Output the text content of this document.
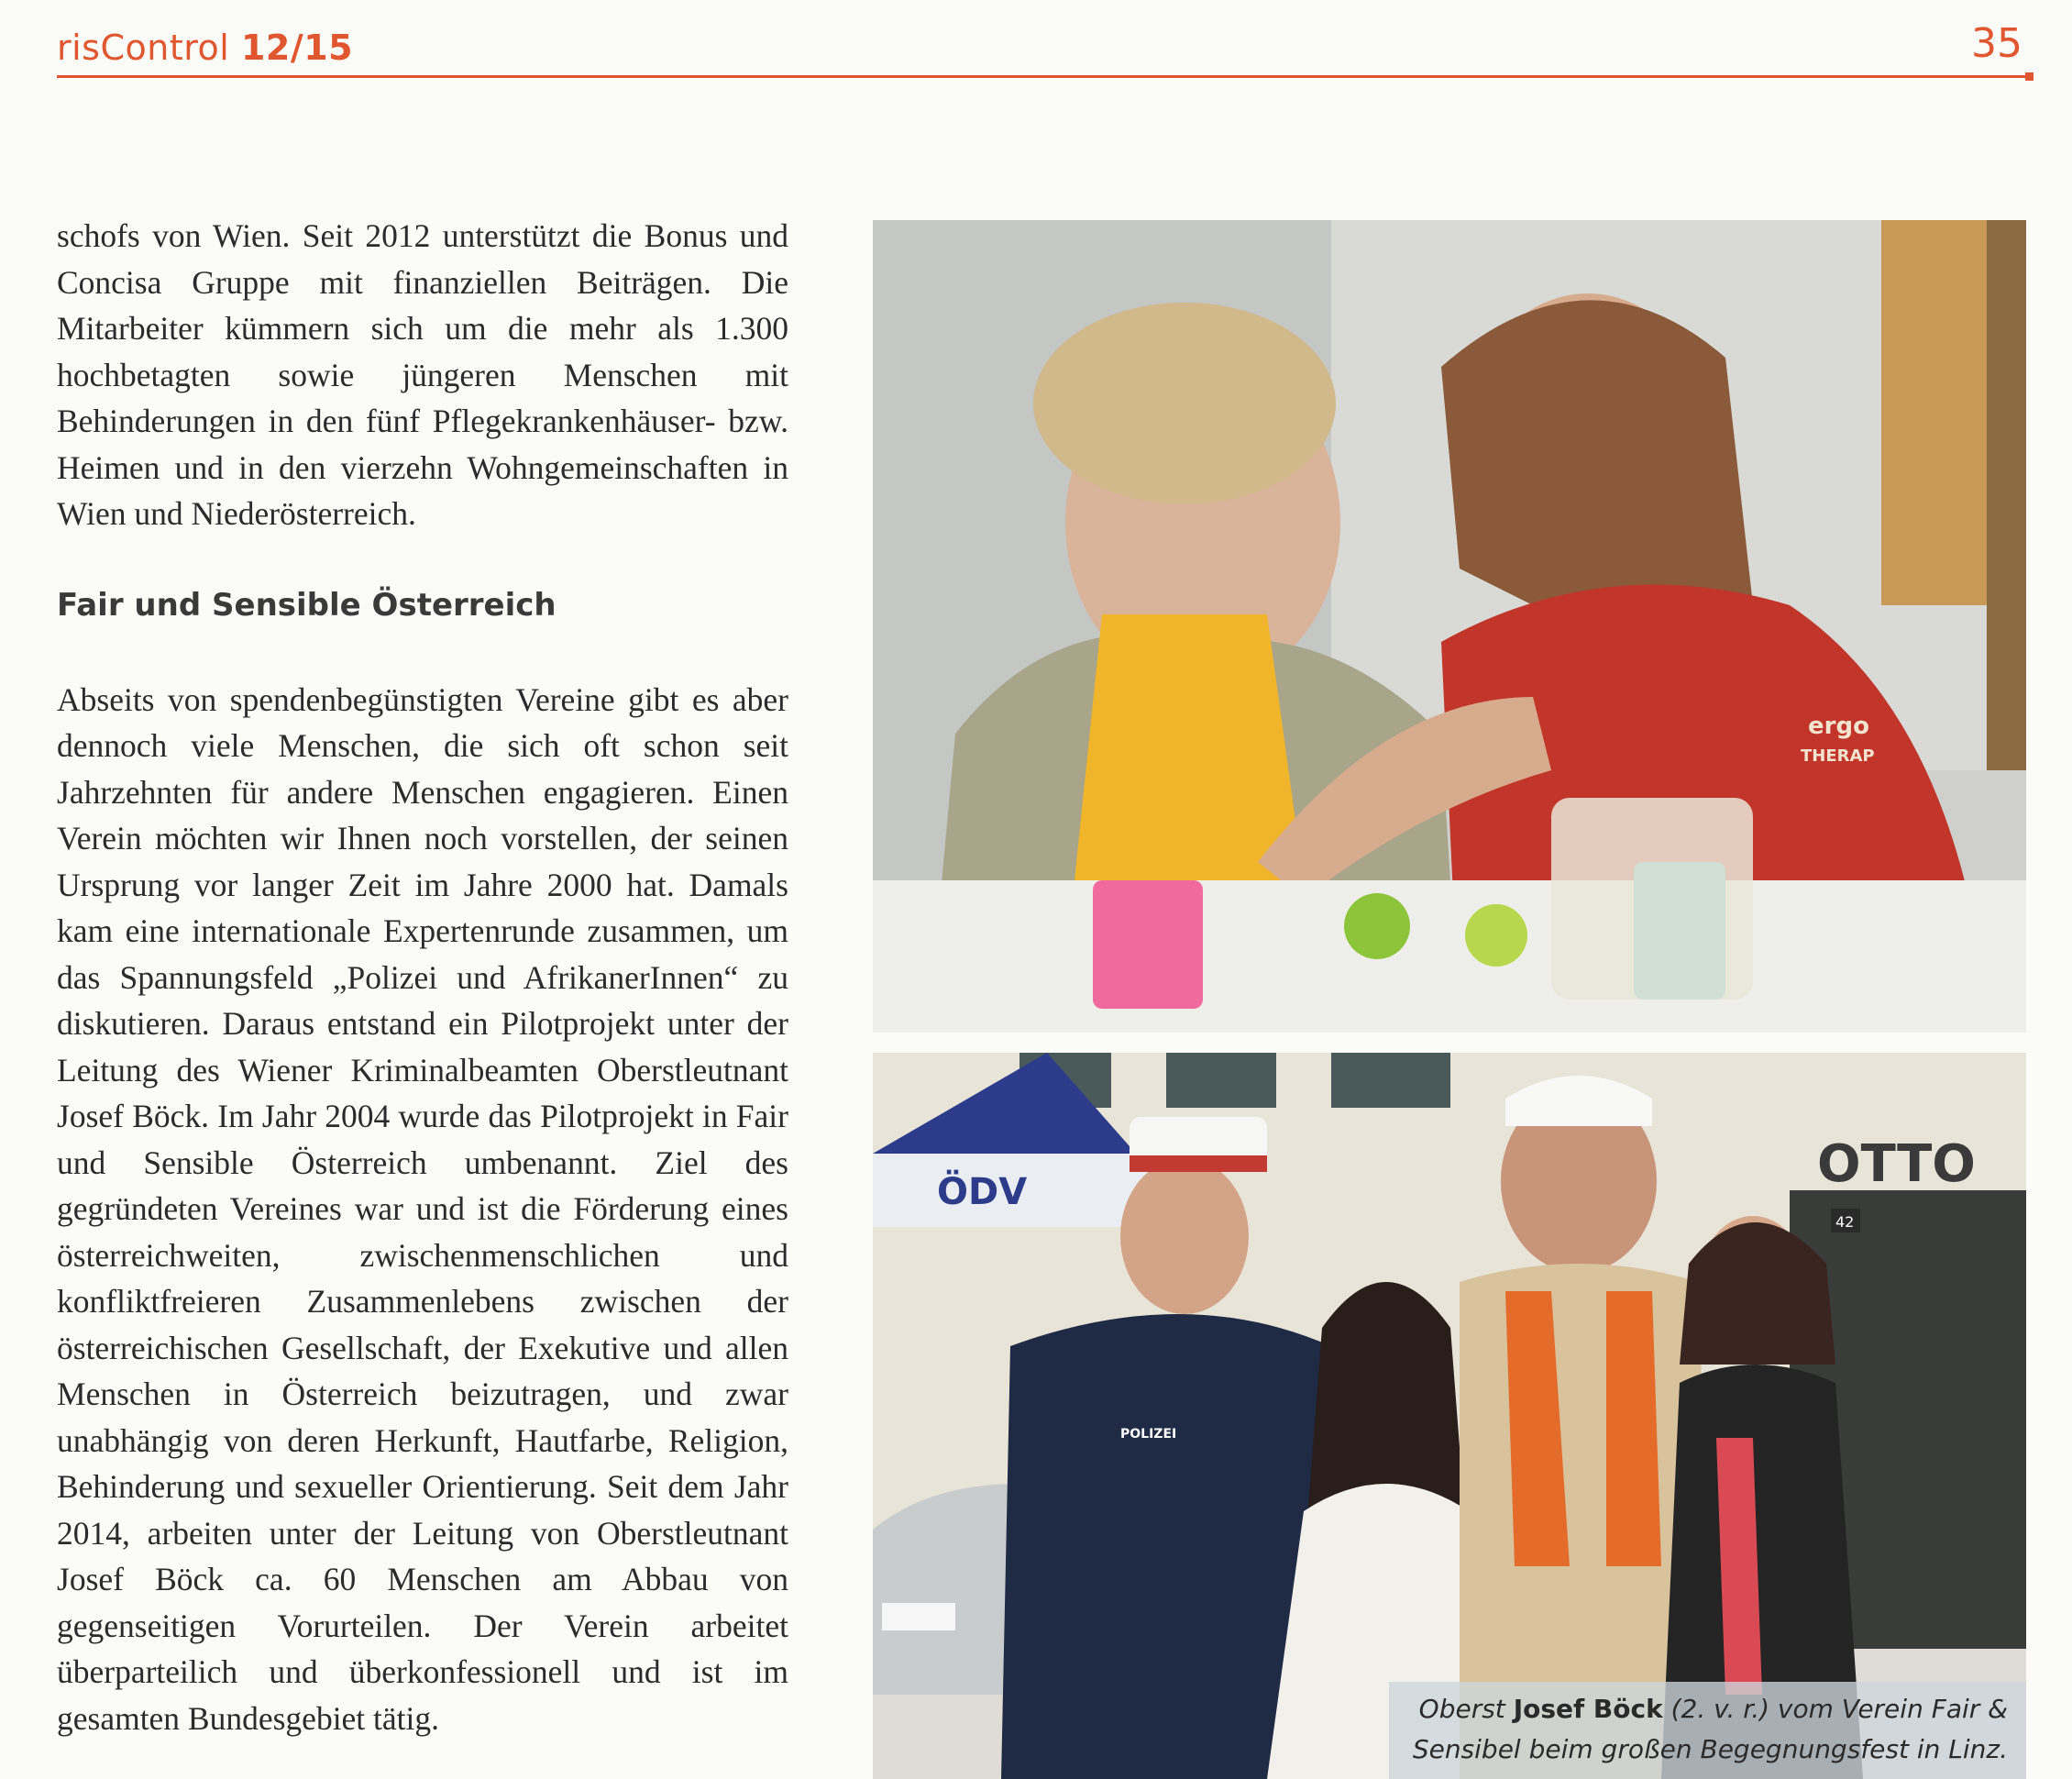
risControl 12/15	35

schofs von Wien. Seit 2012 unterstützt die Bonus und Concisa Gruppe mit finanziellen Beiträgen. Die Mitarbeiter kümmern sich um die mehr als 1.300 hochbetagten sowie jüngeren Menschen mit Behinderungen in den fünf Pflegekrankenhäuser- bzw. Heimen und in den vierzehn Wohngemeinschaften in Wien und Niederösterreich.

Fair und Sensible Österreich

Abseits von spendenbegünstigten Vereine gibt es aber dennoch viele Menschen, die sich oft schon seit Jahrzehnten für andere Menschen engagieren. Einen Verein möchten wir Ihnen noch vorstellen, der seinen Ursprung vor langer Zeit im Jahre 2000 hat. Damals kam eine internationale Expertenrunde zusammen, um das Spannungsfeld „Polizei und AfrikanerInnen“ zu diskutieren. Daraus entstand ein Pilotprojekt unter der Leitung des Wiener Kriminalbeamten Oberstleutnant Josef Böck. Im Jahr 2004 wurde das Pilotprojekt in Fair und Sensible Österreich umbenannt. Ziel des gegründeten Vereines war und ist die Förderung eines österreichweiten, zwischenmenschlichen und konfliktfreieren Zusammenlebens zwischen der österreichischen Gesellschaft, der Exekutive und allen Menschen in Österreich beizutragen, und zwar unabhängig von deren Herkunft, Hautfarbe, Religion, Behinderung und sexueller Orientierung. Seit dem Jahr 2014, arbeiten unter der Leitung von Oberstleutnant Josef Böck ca. 60 Menschen am Abbau von gegenseitigen Vorurteilen. Der Verein arbeitet überparteilich und überkonfessionell und ist im gesamten Bundesgebiet tätig.

ergo
THERAP
OTTO
42
ÖDV
POLIZEI
Oberst Josef Böck (2. v. r.) vom Verein Fair &
Sensibel beim großen Begegnungsfest in Linz.
